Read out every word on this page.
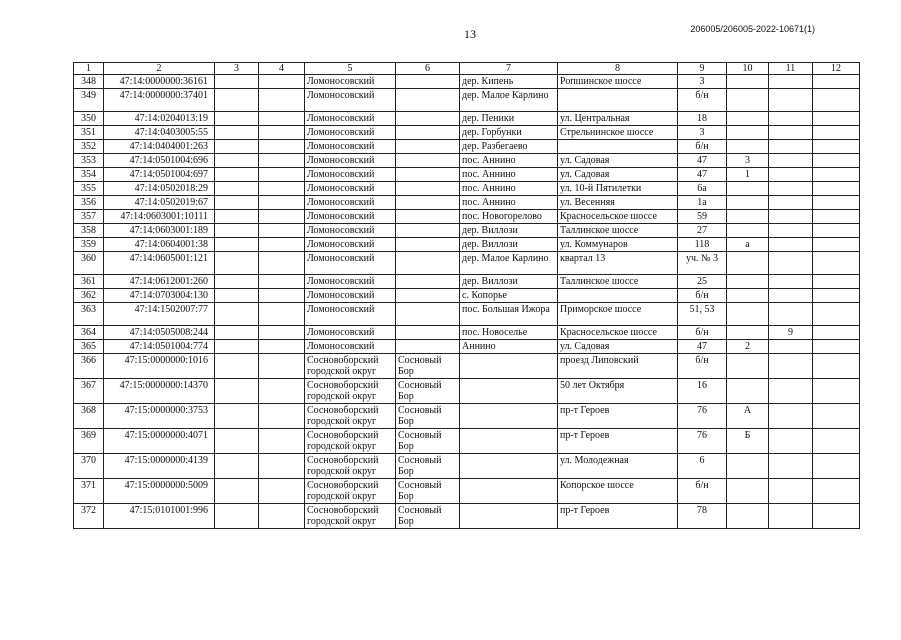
13	206005/206005-2022-10671(1)
1	2	3	4	5	6	7	8	9	10	11	12
348	47:14:0000000:36161			Ломоносовский		дер. Кипень	Ропшинское шоссе	3			
349	47:14:0000000:37401			Ломоносовский		дер. Малое Карлино		б/н			
350	47:14:0204013:19			Ломоносовский		дер. Пеники	ул. Центральная	18			
351	47:14:0403005:55			Ломоносовский		дер. Горбунки	Стрельнинское шоссе	3			
352	47:14:0404001:263			Ломоносовский		дер. Разбегаево		б/н			
353	47:14:0501004:696			Ломоносовский		пос. Аннино	ул. Садовая	47	3		
354	47:14:0501004:697			Ломоносовский		пос. Аннино	ул. Садовая	47	1		
355	47:14:0502018:29			Ломоносовский		пос. Аннино	ул. 10-й Пятилетки	6а			
356	47:14:0502019:67			Ломоносовский		пос. Аннино	ул. Весенняя	1а			
357	47:14:0603001:10111			Ломоносовский		пос. Новогорелово	Красносельское шоссе	59			
358	47:14:0603001:189			Ломоносовский		дер. Виллози	Таллинское шоссе	27			
359	47:14:0604001:38			Ломоносовский		дер. Виллози	ул. Коммунаров	118	а		
360	47:14:0605001:121			Ломоносовский		дер. Малое Карлино	квартал 13	уч. № 3			
361	47:14:0612001:260			Ломоносовский		дер. Виллози	Таллинское шоссе	25			
362	47:14:0703004:130			Ломоносовский		с. Копорье		б/н			
363	47:14:1502007:77			Ломоносовский		пос. Большая Ижора	Приморское шоссе	51, 53			
364	47:14:0505008:244			Ломоносовский		пос. Новоселье	Красносельское шоссе	б/н		9	
365	47:14:0501004:774			Ломоносовский		Аннино	ул. Садовая	47	2		
366	47:15:0000000:1016			Сосновоборский городской округ	Сосновый Бор		проезд Липовский	б/н			
367	47:15:0000000:14370			Сосновоборский городской округ	Сосновый Бор		50 лет Октября	16			
368	47:15:0000000:3753			Сосновоборский городской округ	Сосновый Бор		пр-т Героев	76	А		
369	47:15:0000000:4071			Сосновоборский городской округ	Сосновый Бор		пр-т Героев	76	Б		
370	47:15:0000000:4139			Сосновоборский городской округ	Сосновый Бор		ул. Молодежная	6			
371	47:15:0000000:5009			Сосновоборский городской округ	Сосновый Бор		Копорское шоссе	б/н			
372	47:15:0101001:996			Сосновоборский городской округ	Сосновый Бор		пр-т Героев	78			
